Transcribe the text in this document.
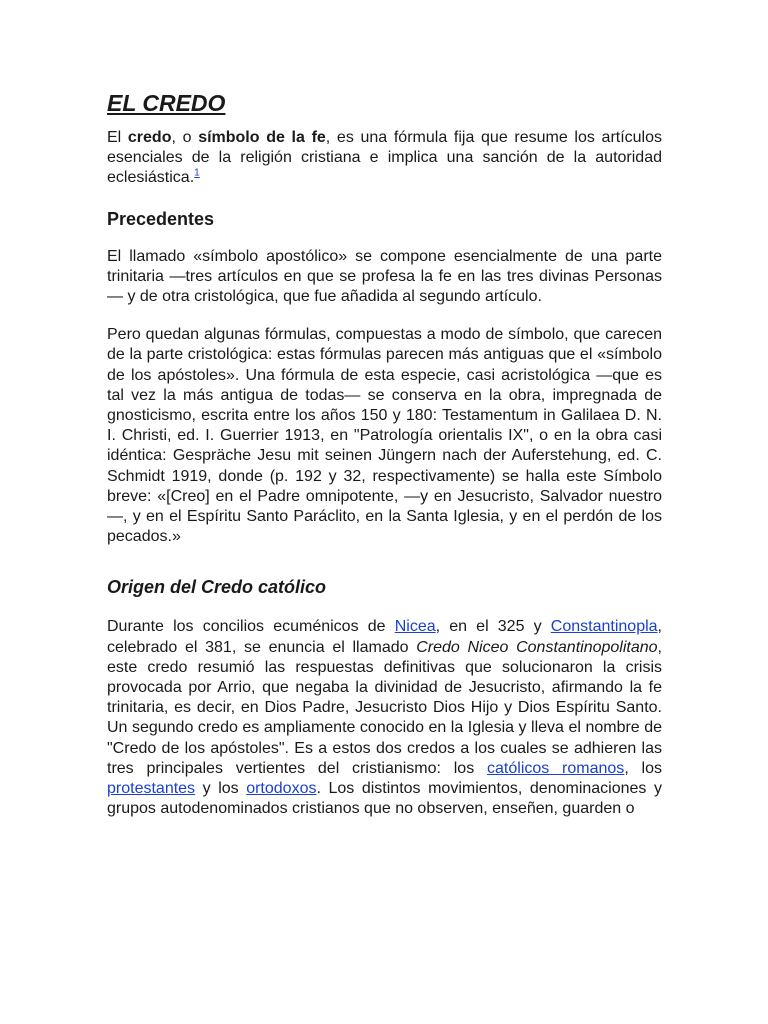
EL CREDO

El credo, o símbolo de la fe, es una fórmula fija que resume los artículos esenciales de la religión cristiana e implica una sanción de la autoridad eclesiástica.$^1$

Precedentes

El llamado «símbolo apostólico» se compone esencialmente de una parte trinitaria —tres artículos en que se profesa la fe en las tres divinas Personas— y de otra cristológica, que fue añadida al segundo artículo.

Pero quedan algunas fórmulas, compuestas a modo de símbolo, que carecen de la parte cristológica: estas fórmulas parecen más antiguas que el «símbolo de los apóstoles». Una fórmula de esta especie, casi acristológica —que es tal vez la más antigua de todas— se conserva en la obra, impregnada de gnosticismo, escrita entre los años 150 y 180: Testamentum in Galilaea D. N. I. Christi, ed. I. Guerrier 1913, en "Patrología orientalis IX", o en la obra casi idéntica: Gespräche Jesu mit seinen Jüngern nach der Auferstehung, ed. C. Schmidt 1919, donde (p. 192 y 32, respectivamente) se halla este Símbolo breve: «[Creo] en el Padre omnipotente, —y en Jesucristo, Salvador nuestro—, y en el Espíritu Santo Paráclito, en la Santa Iglesia, y en el perdón de los pecados.»

Origen del Credo católico

Durante los concilios ecuménicos de Nicea, en el 325 y Constantinopla, celebrado el 381, se enuncia el llamado Credo Niceo Constantinopolitano, este credo resumió las respuestas definitivas que solucionaron la crisis provocada por Arrio, que negaba la divinidad de Jesucristo, afirmando la fe trinitaria, es decir, en Dios Padre, Jesucristo Dios Hijo y Dios Espíritu Santo. Un segundo credo es ampliamente conocido en la Iglesia y lleva el nombre de "Credo de los apóstoles". Es a estos dos credos a los cuales se adhieren las tres principales vertientes del cristianismo: los católicos romanos, los protestantes y los ortodoxos. Los distintos movimientos, denominaciones y grupos autodenominados cristianos que no observen, enseñen, guarden o
